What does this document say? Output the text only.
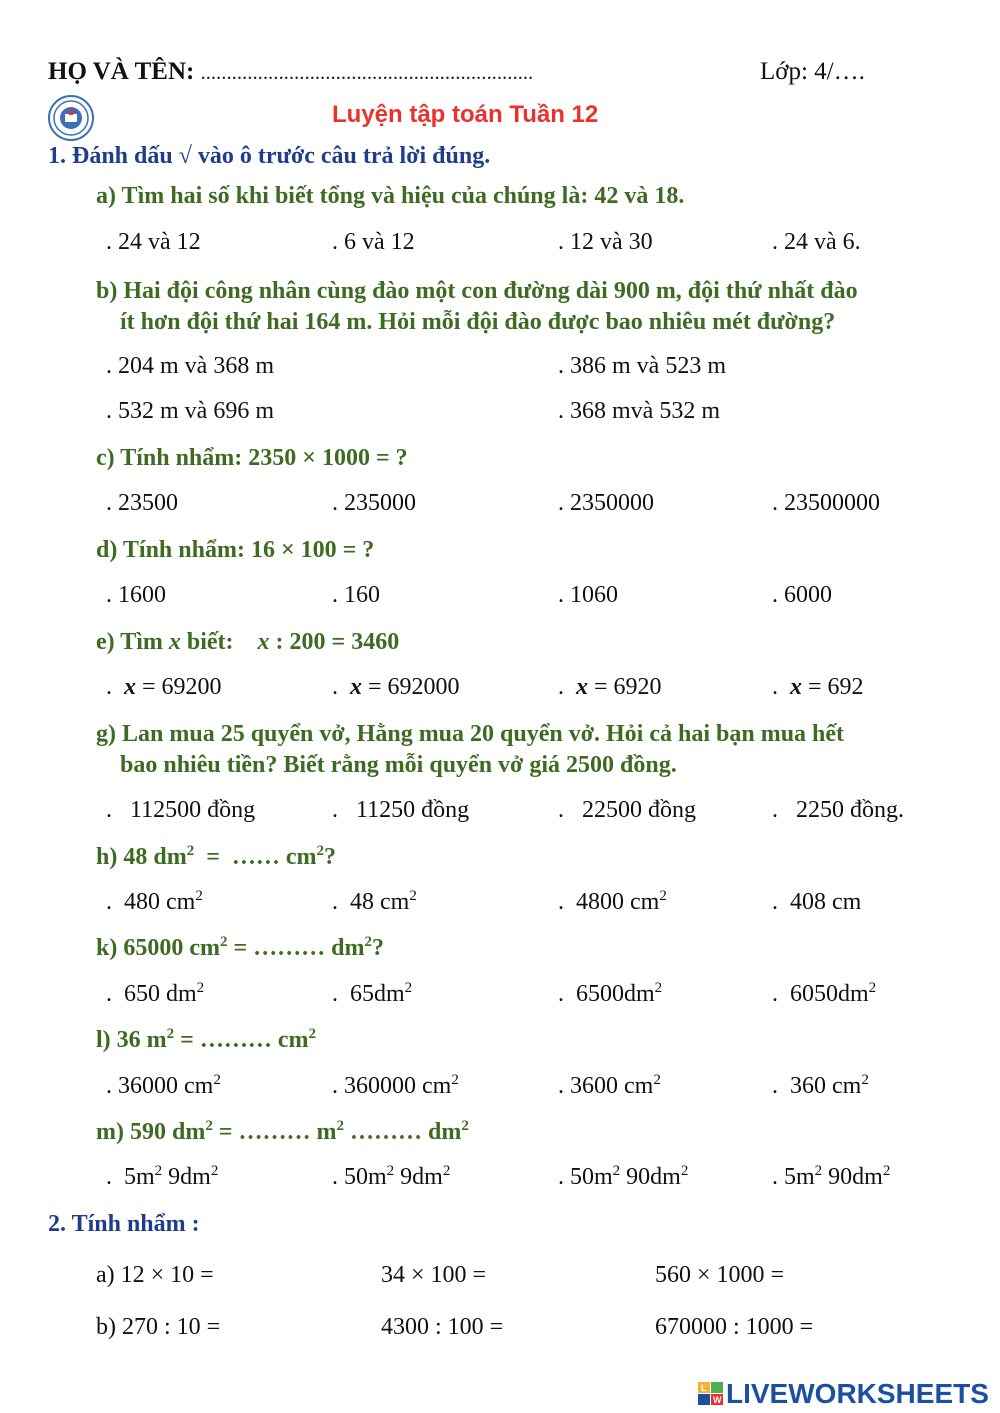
HỌ VÀ TÊN: ................................................................	Lớp: 4/….
Luyện tập toán Tuần 12
1. Đánh dấu √ vào ô trước câu trả lời đúng.
a) Tìm hai số khi biết tổng và hiệu của chúng là: 42 và 18.
. 24 và 12	. 6 và 12	. 12 và 30	. 24 và 6.
b) Hai đội công nhân cùng đào một con đường dài 900 m, đội thứ nhất đào
ít hơn đội thứ hai 164 m. Hỏi mỗi đội đào được bao nhiêu mét đường?
. 204 m và 368 m	. 386 m và 523 m
. 532 m và 696 m	. 368 mvà 532 m
c) Tính nhẩm: 2350 × 1000 = ?
. 23500	. 235000	. 2350000	. 23500000
d) Tính nhẩm: 16 × 100 = ?
. 1600	. 160	. 1060	. 6000
e) Tìm x biết:    x : 200 = 3460
.  x = 69200	.  x = 692000	.  x = 6920	.  x = 692
g) Lan mua 25 quyển vở, Hằng mua 20 quyển vở. Hỏi cả hai bạn mua hết
bao nhiêu tiền? Biết rằng mỗi quyển vở giá 2500 đồng.
.   112500 đồng	.   11250 đồng	.   22500 đồng	.   2250 đồng.
h) 48 $dm^2$  =  …… $cm^2$?
.  480 $cm^2$	.  48 $cm^2$	.  4800 $cm^2$	.  408 cm
k) 65000 $cm^2$ = ……… $dm^2$?
.  650 $dm^2$	.  $65dm^2$	.  $6500dm^2$	.  $6050dm^2$
l) 36 $m^2$ = ……… $cm^2$
. 36000 $cm^2$	. 360000 $cm^2$	. 3600 $cm^2$	.  360 $cm^2$
m) 590 $dm^2$ = ……… $m^2$ ……… $dm^2$
.  $5m^2$ $9dm^2$	. $50m^2$ $9dm^2$	. $50m^2$ $90dm^2$	. $5m^2$ $90dm^2$
2. Tính nhẩm :
a) 12 × 10 =	34 × 100 =	560 × 1000 =
b) 270 : 10 =	4300 : 100 =	670000 : 1000 =
L
W LIVEWORKSHEETS
